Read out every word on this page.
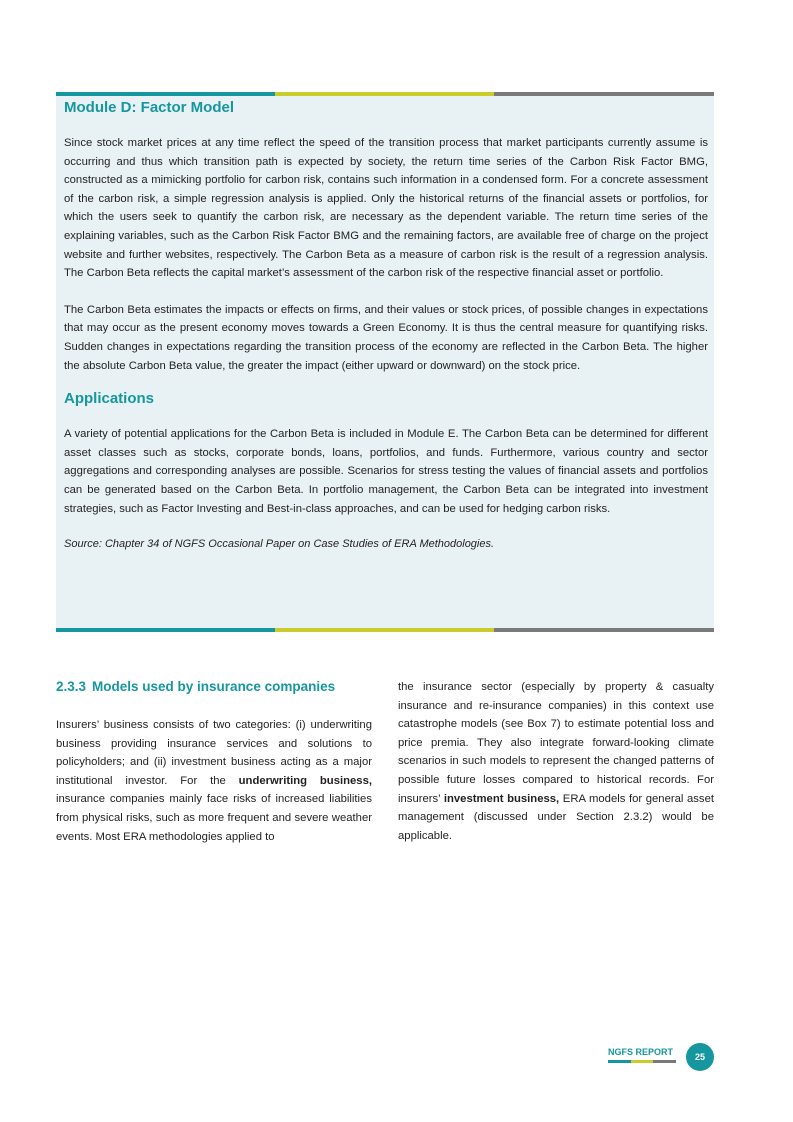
Module D: Factor Model

Since stock market prices at any time reflect the speed of the transition process that market participants currently assume is occurring and thus which transition path is expected by society, the return time series of the Carbon Risk Factor BMG, constructed as a mimicking portfolio for carbon risk, contains such information in a condensed form. For a concrete assessment of the carbon risk, a simple regression analysis is applied. Only the historical returns of the financial assets or portfolios, for which the users seek to quantify the carbon risk, are necessary as the dependent variable. The return time series of the explaining variables, such as the Carbon Risk Factor BMG and the remaining factors, are available free of charge on the project website and further websites, respectively. The Carbon Beta as a measure of carbon risk is the result of a regression analysis. The Carbon Beta reflects the capital market’s assessment of the carbon risk of the respective financial asset or portfolio.

The Carbon Beta estimates the impacts or effects on firms, and their values or stock prices, of possible changes in expectations that may occur as the present economy moves towards a Green Economy. It is thus the central measure for quantifying risks. Sudden changes in expectations regarding the transition process of the economy are reflected in the Carbon Beta. The higher the absolute Carbon Beta value, the greater the impact (either upward or downward) on the stock price.

Applications

A variety of potential applications for the Carbon Beta is included in Module E. The Carbon Beta can be determined for different asset classes such as stocks, corporate bonds, loans, portfolios, and funds. Furthermore, various country and sector aggregations and corresponding analyses are possible. Scenarios for stress testing the values of financial assets and portfolios can be generated based on the Carbon Beta. In portfolio management, the Carbon Beta can be integrated into investment strategies, such as Factor Investing and Best-in-class approaches, and can be used for hedging carbon risks.

Source: Chapter 34 of NGFS Occasional Paper on Case Studies of ERA Methodologies.

2.3.3 Models used by insurance companies

Insurers’ business consists of two categories: (i) underwriting business providing insurance services and solutions to policyholders; and (ii) investment business acting as a major institutional investor. For the underwriting business, insurance companies mainly face risks of increased liabilities from physical risks, such as more frequent and severe weather events. Most ERA methodologies applied to

the insurance sector (especially by property & casualty insurance and re-insurance companies) in this context use catastrophe models (see Box 7) to estimate potential loss and price premia. They also integrate forward-looking climate scenarios in such models to represent the changed patterns of possible future losses compared to historical records. For insurers’ investment business, ERA models for general asset management (discussed under Section 2.3.2) would be applicable.

NGFS REPORT	25
